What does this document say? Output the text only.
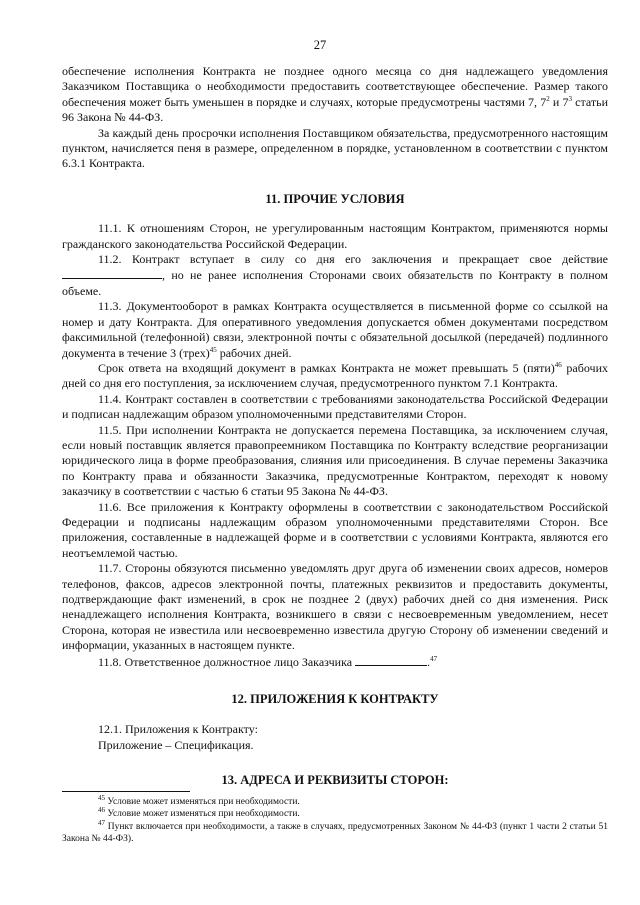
27

обеспечение исполнения Контракта не позднее одного месяца со дня надлежащего уведомления Заказчиком Поставщика о необходимости предоставить соответствующее обеспечение. Размер такого обеспечения может быть уменьшен в порядке и случаях, которые предусмотрены частями 7, $7^2$ и $7^3$ статьи 96 Закона № 44-ФЗ.

За каждый день просрочки исполнения Поставщиком обязательства, предусмотренного настоящим пунктом, начисляется пеня в размере, определенном в порядке, установленном в соответствии с пунктом 6.3.1 Контракта.

11. ПРОЧИЕ УСЛОВИЯ

11.1. К отношениям Сторон, не урегулированным настоящим Контрактом, применяются нормы гражданского законодательства Российской Федерации.

11.2. Контракт вступает в силу со дня его заключения и прекращает свое действие , но не ранее исполнения Сторонами своих обязательств по Контракту в полном объеме.

11.3. Документооборот в рамках Контракта осуществляется в письменной форме со ссылкой на номер и дату Контракта. Для оперативного уведомления допускается обмен документами посредством факсимильной (телефонной) связи, электронной почты с обязательной досылкой (передачей) подлинного документа в течение 3 (трех)$^{45}$ рабочих дней.

Срок ответа на входящий документ в рамках Контракта не может превышать 5 (пяти)$^{46}$ рабочих дней со дня его поступления, за исключением случая, предусмотренного пунктом 7.1 Контракта.

11.4. Контракт составлен в соответствии с требованиями законодательства Российской Федерации и подписан надлежащим образом уполномоченными представителями Сторон.

11.5. При исполнении Контракта не допускается перемена Поставщика, за исключением случая, если новый поставщик является правопреемником Поставщика по Контракту вследствие реорганизации юридического лица в форме преобразования, слияния или присоединения. В случае перемены Заказчика по Контракту права и обязанности Заказчика, предусмотренные Контрактом, переходят к новому заказчику в соответствии с частью 6 статьи 95 Закона № 44-ФЗ.

11.6. Все приложения к Контракту оформлены в соответствии с законодательством Российской Федерации и подписаны надлежащим образом уполномоченными представителями Сторон. Все приложения, составленные в надлежащей форме и в соответствии с условиями Контракта, являются его неотъемлемой частью.

11.7. Стороны обязуются письменно уведомлять друг друга об изменении своих адресов, номеров телефонов, факсов, адресов электронной почты, платежных реквизитов и предоставить документы, подтверждающие факт изменений, в срок не позднее 2 (двух) рабочих дней со дня изменения. Риск ненадлежащего исполнения Контракта, возникшего в связи с несвоевременным уведомлением, несет Сторона, которая не известила или несвоевременно известила другую Сторону об изменении сведений и информации, указанных в настоящем пункте.

11.8. Ответственное должностное лицо Заказчика	.$^{47}$

12. ПРИЛОЖЕНИЯ К КОНТРАКТУ

12.1. Приложения к Контракту:

Приложение – Спецификация.

13. АДРЕСА И РЕКВИЗИТЫ СТОРОН:

$^{45}$ Условие может изменяться при необходимости.

$^{46}$ Условие может изменяться при необходимости.

$^{47}$ Пункт включается при необходимости, а также в случаях, предусмотренных Законом № 44-ФЗ (пункт 1 части 2 статьи 51 Закона № 44-ФЗ).
